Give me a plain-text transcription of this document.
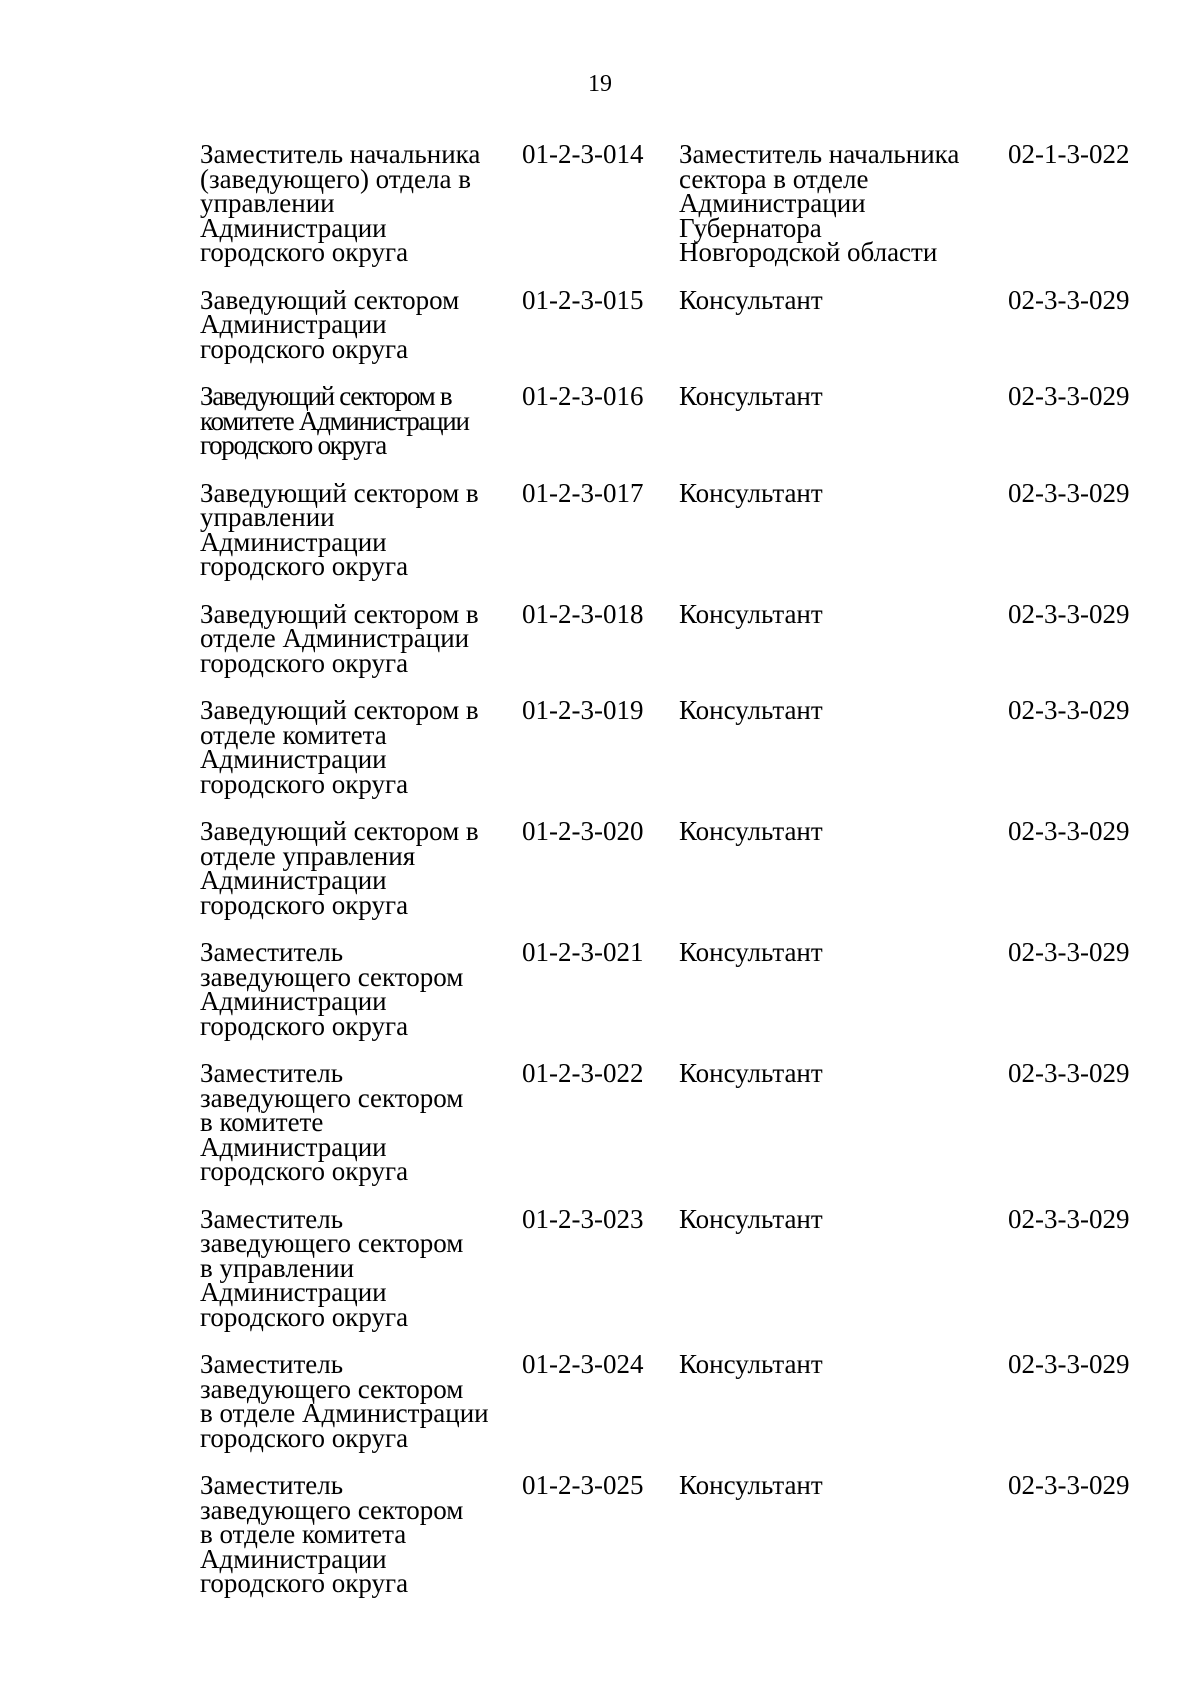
19
Заместитель начальника
(заведующего) отдела в
управлении
Администрации
городского округа	01-2-3-014	Заместитель начальника
сектора в отделе
Администрации
Губернатора
Новгородской области	02-1-3-022
Заведующий сектором
Администрации
городского округа	01-2-3-015	Консультант	02-3-3-029
Заведующий сектором в
комитете Администрации
городского округа	01-2-3-016	Консультант	02-3-3-029
Заведующий сектором в
управлении
Администрации
городского округа	01-2-3-017	Консультант	02-3-3-029
Заведующий сектором в
отделе Администрации
городского округа	01-2-3-018	Консультант	02-3-3-029
Заведующий сектором в
отделе комитета
Администрации
городского округа	01-2-3-019	Консультант	02-3-3-029
Заведующий сектором в
отделе управления
Администрации
городского округа	01-2-3-020	Консультант	02-3-3-029
Заместитель
заведующего сектором
Администрации
городского округа	01-2-3-021	Консультант	02-3-3-029
Заместитель
заведующего сектором
в комитете
Администрации
городского округа	01-2-3-022	Консультант	02-3-3-029
Заместитель
заведующего сектором
в управлении
Администрации
городского округа	01-2-3-023	Консультант	02-3-3-029
Заместитель
заведующего сектором
в отделе Администрации
городского округа	01-2-3-024	Консультант	02-3-3-029
Заместитель
заведующего сектором
в отделе комитета
Администрации
городского округа	01-2-3-025	Консультант	02-3-3-029
